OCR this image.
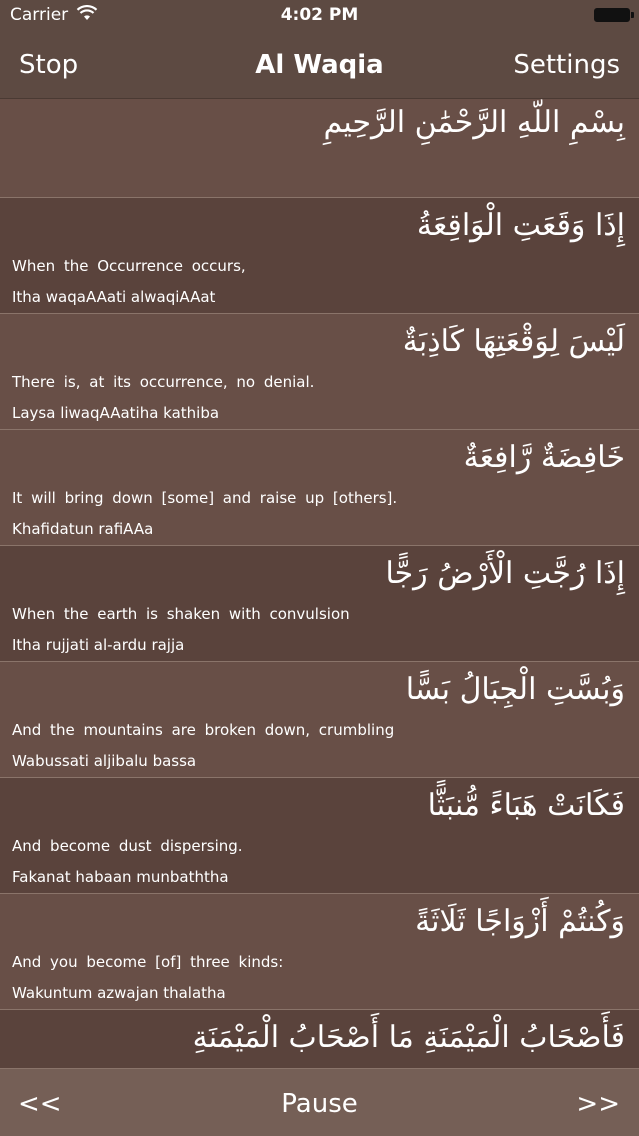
Carrier	4:02 PM
Stop	Al Waqia	Settings
بِسْمِ اللَّهِ الرَّحْمَٰنِ الرَّحِيمِ
إِذَا وَقَعَتِ الْوَاقِعَةُ
When the Occurrence occurs,
Itha waqaAAati alwaqiAAat
لَيْسَ لِوَقْعَتِهَا كَاذِبَةٌ
There is, at its occurrence, no denial.
Laysa liwaqAAatiha kathiba
خَافِضَةٌ رَّافِعَةٌ
It will bring down [some] and raise up [others].
Khafidatun rafiAAa
إِذَا رُجَّتِ الْأَرْضُ رَجًّا
When the earth is shaken with convulsion
Itha rujjati al-ardu rajja
وَبُسَّتِ الْجِبَالُ بَسًّا
And the mountains are broken down, crumbling
Wabussati aljibalu bassa
فَكَانَتْ هَبَاءً مُّنبَثًّا
And become dust dispersing.
Fakanat habaan munbaththa
وَكُنتُمْ أَزْوَاجًا ثَلَاثَةً
And you become [of] three kinds:
Wakuntum azwajan thalatha
فَأَصْحَابُ الْمَيْمَنَةِ مَا أَصْحَابُ الْمَيْمَنَةِ
<<	Pause	>>
